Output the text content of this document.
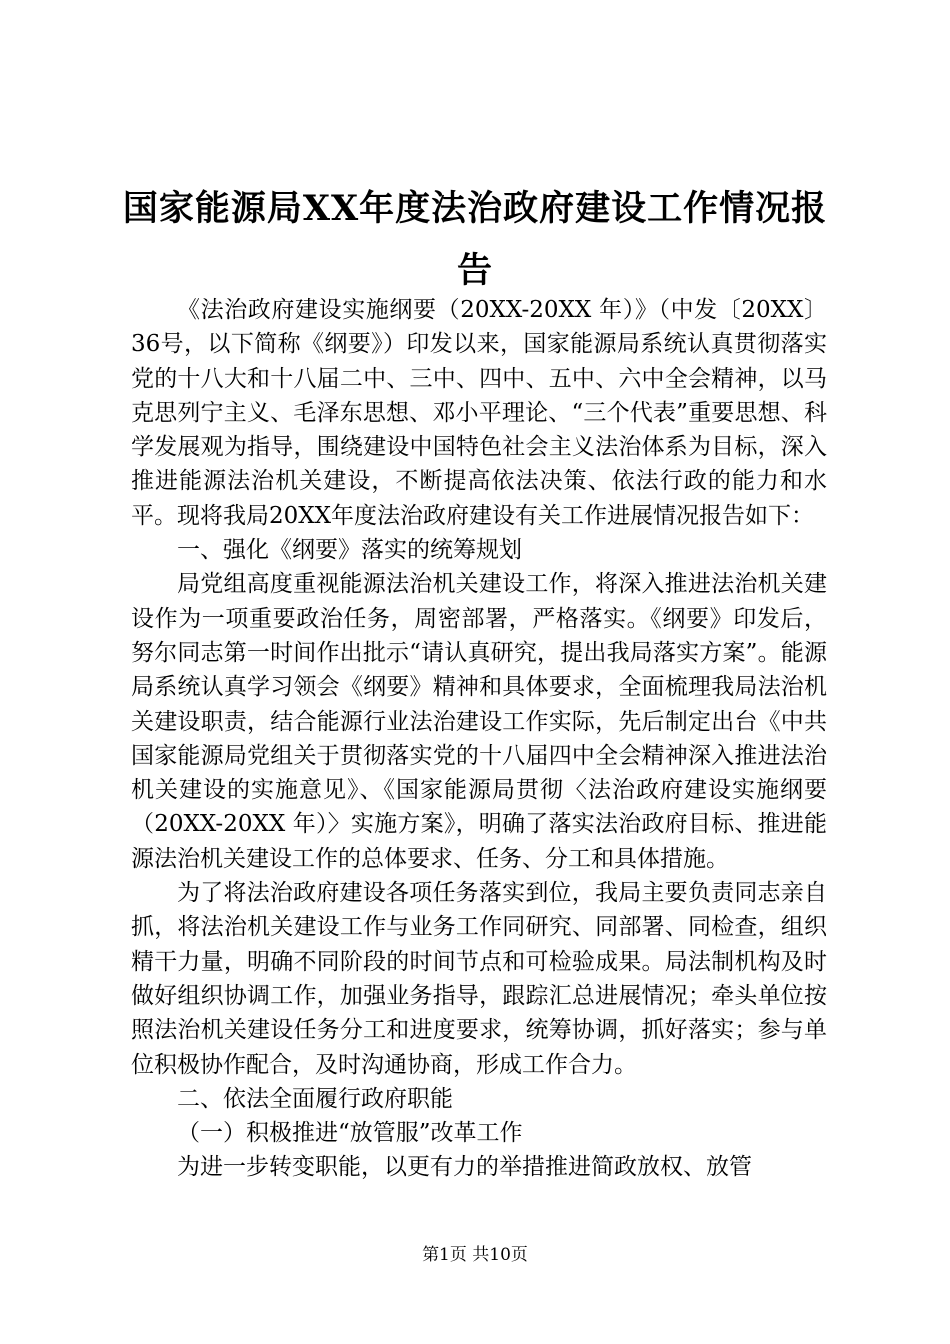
国家能源局XX年度法治政府建设工作情况报告

《法治政府建设实施纲要（20XX-20XX 年）》（中发〔20XX〕36号，以下简称《纲要》）印发以来，国家能源局系统认真贯彻落实党的十八大和十八届二中、三中、四中、五中、六中全会精神，以马克思列宁主义、毛泽东思想、邓小平理论、“三个代表”重要思想、科学发展观为指导，围绕建设中国特色社会主义法治体系为目标，深入推进能源法治机关建设，不断提高依法决策、依法行政的能力和水平。现将我局20XX年度法治政府建设有关工作进展情况报告如下：

一、强化《纲要》落实的统筹规划

局党组高度重视能源法治机关建设工作，将深入推进法治机关建设作为一项重要政治任务，周密部署，严格落实。《纲要》印发后，努尔同志第一时间作出批示“请认真研究，提出我局落实方案”。能源局系统认真学习领会《纲要》精神和具体要求，全面梳理我局法治机关建设职责，结合能源行业法治建设工作实际，先后制定出台《中共国家能源局党组关于贯彻落实党的十八届四中全会精神深入推进法治机关建设的实施意见》、《国家能源局贯彻〈法治政府建设实施纲要（20XX-20XX 年）〉实施方案》，明确了落实法治政府目标、推进能源法治机关建设工作的总体要求、任务、分工和具体措施。

为了将法治政府建设各项任务落实到位，我局主要负责同志亲自抓，将法治机关建设工作与业务工作同研究、同部署、同检查，组织精干力量，明确不同阶段的时间节点和可检验成果。局法制机构及时做好组织协调工作，加强业务指导，跟踪汇总进展情况；牵头单位按照法治机关建设任务分工和进度要求，统筹协调，抓好落实；参与单位积极协作配合，及时沟通协商，形成工作合力。

二、依法全面履行政府职能

（一）积极推进“放管服”改革工作

为进一步转变职能，以更有力的举措推进简政放权、放管

第1页 共10页
